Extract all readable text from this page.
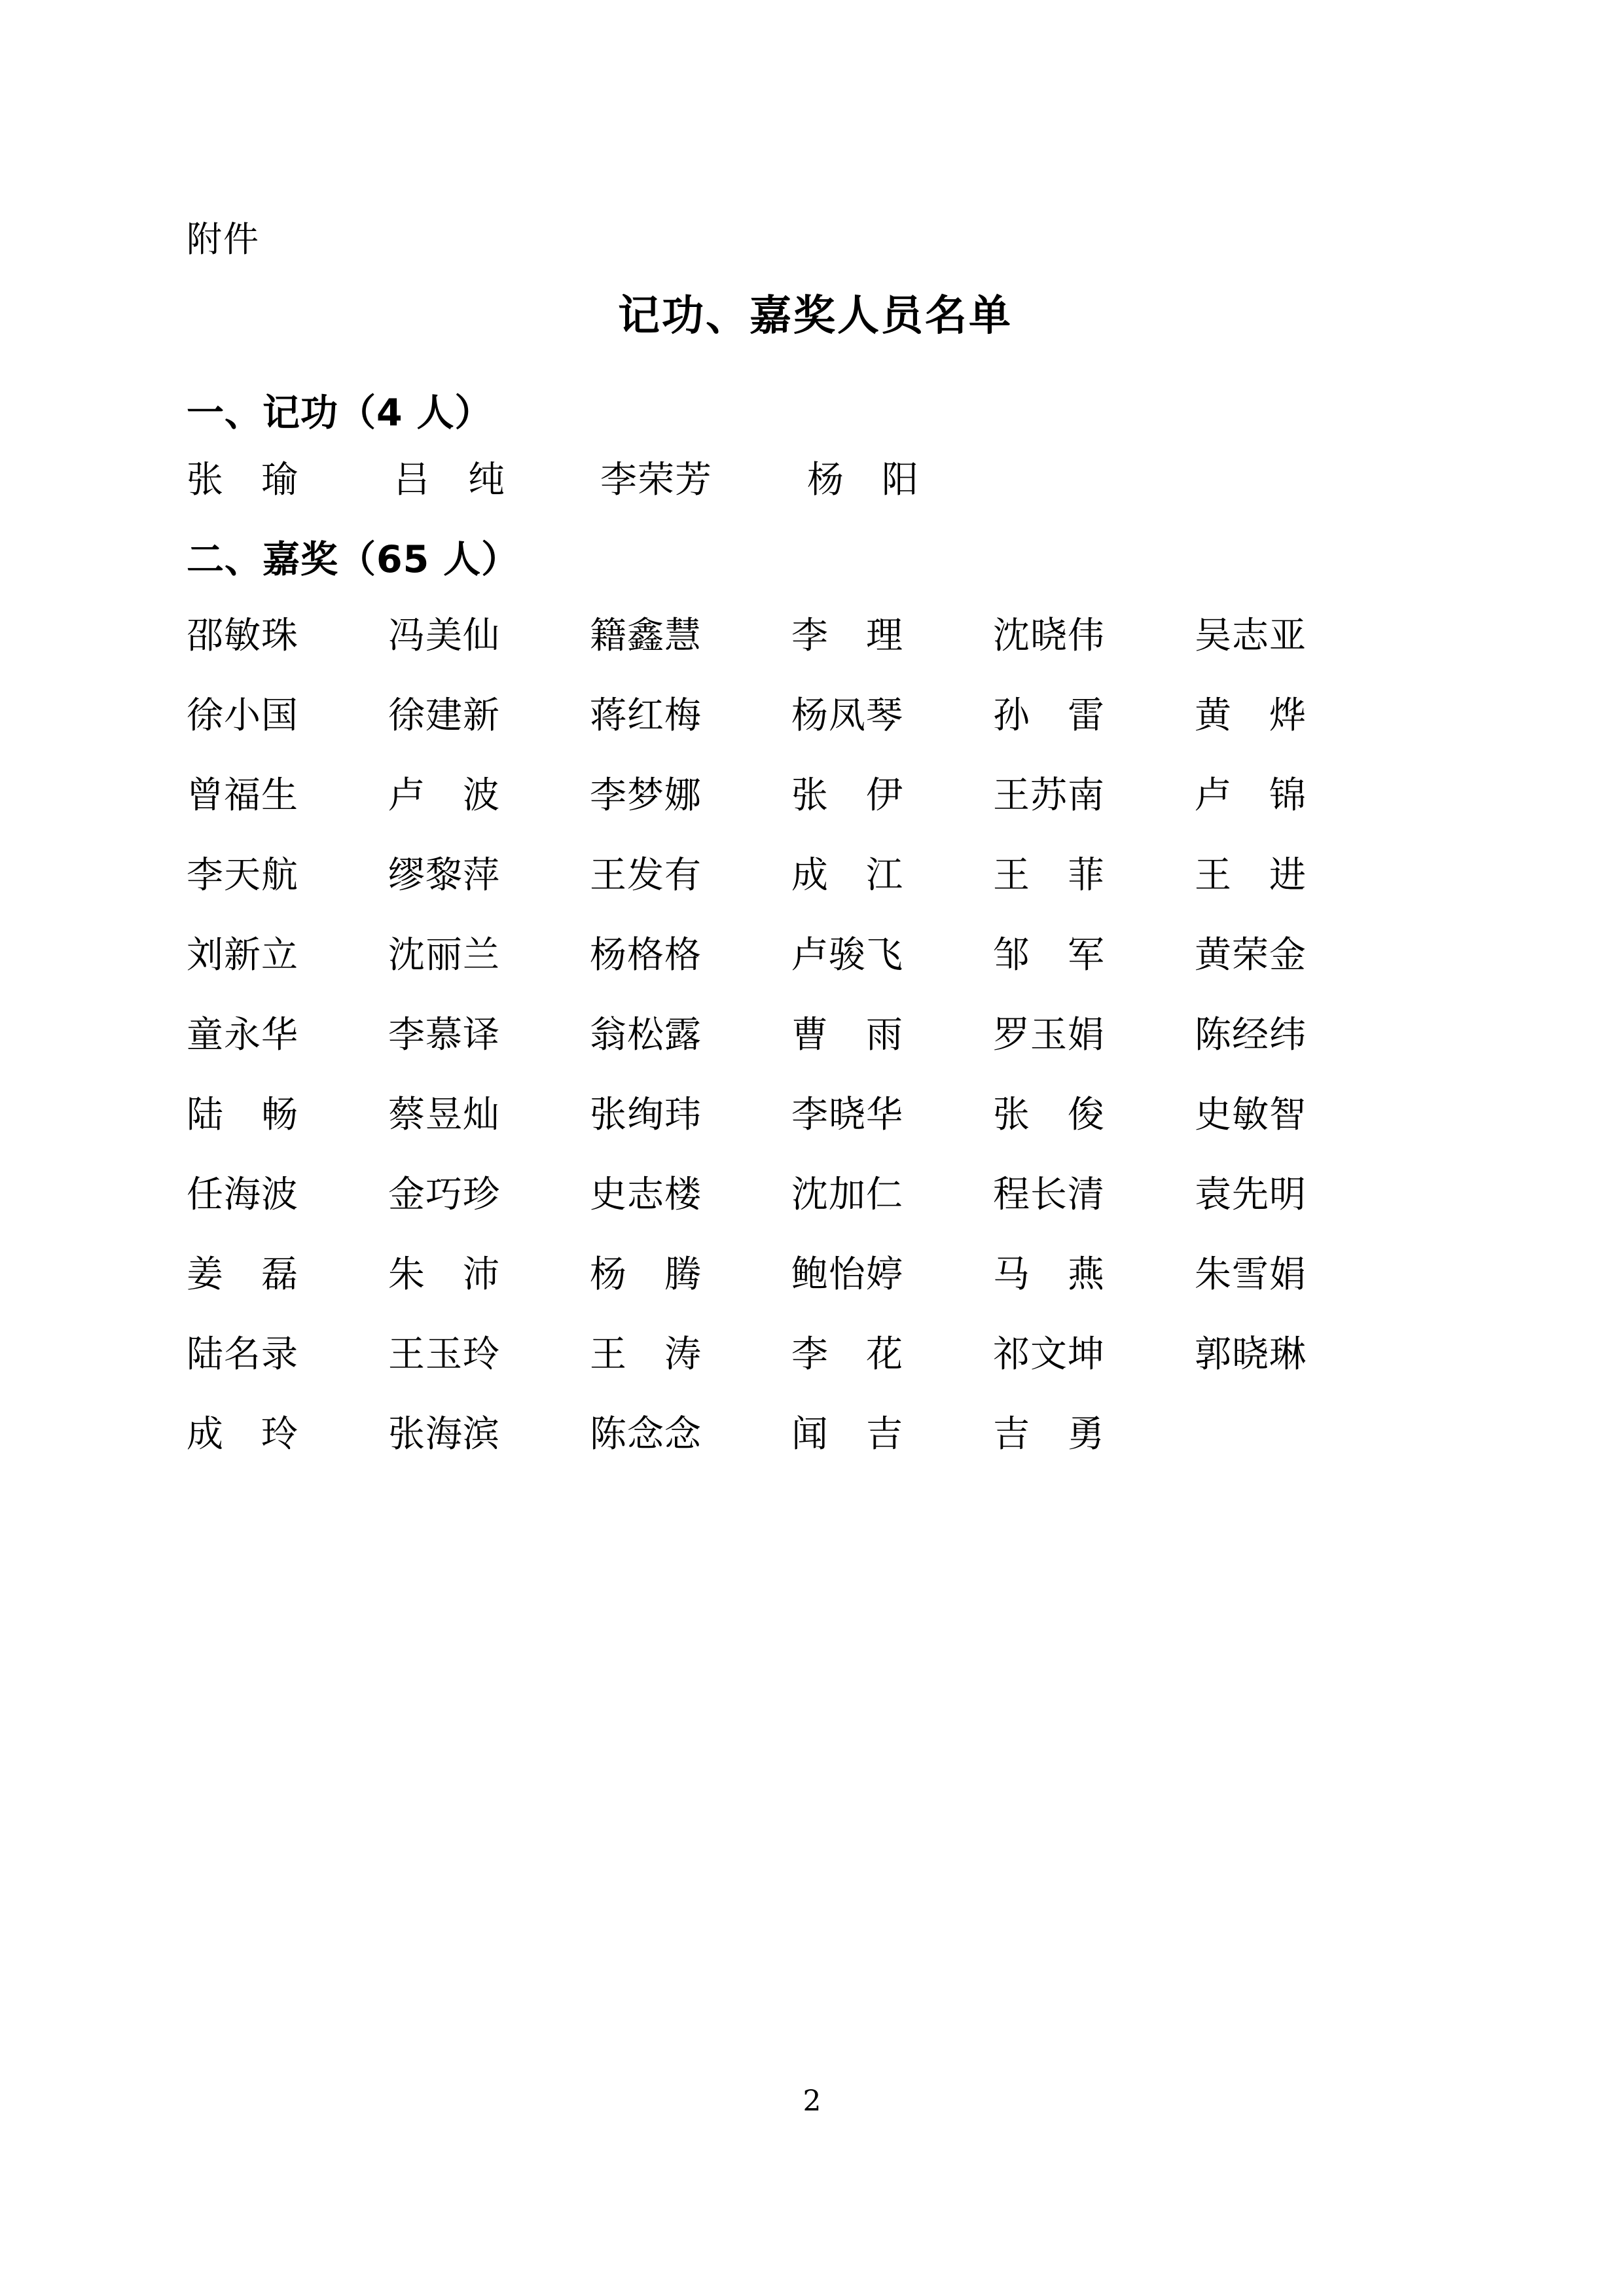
附件
记功、嘉奖人员名单
一、记功（4 人）
张　瑜	吕　纯	李荣芳	杨　阳
二、嘉奖（65 人）
邵敏珠 冯美仙 籍鑫慧 李　理 沈晓伟 吴志亚
徐小国 徐建新 蒋红梅 杨凤琴 孙　雷 黄　烨
曾福生 卢　波 李梦娜 张　伊 王苏南 卢　锦
李天航 缪黎萍 王发有 成　江 王　菲 王　进
刘新立 沈丽兰 杨格格 卢骏飞 邹　军 黄荣金
童永华 李慕译 翁松露 曹　雨 罗玉娟 陈经纬
陆　畅 蔡昱灿 张绚玮 李晓华 张　俊 史敏智
任海波 金巧珍 史志楼 沈加仁 程长清 袁先明
姜　磊 朱　沛 杨　腾 鲍怡婷 马　燕 朱雪娟
陆名录 王玉玲 王　涛 李　花 祁文坤 郭晓琳
成　玲 张海滨 陈念念 闻　吉 吉　勇
2
